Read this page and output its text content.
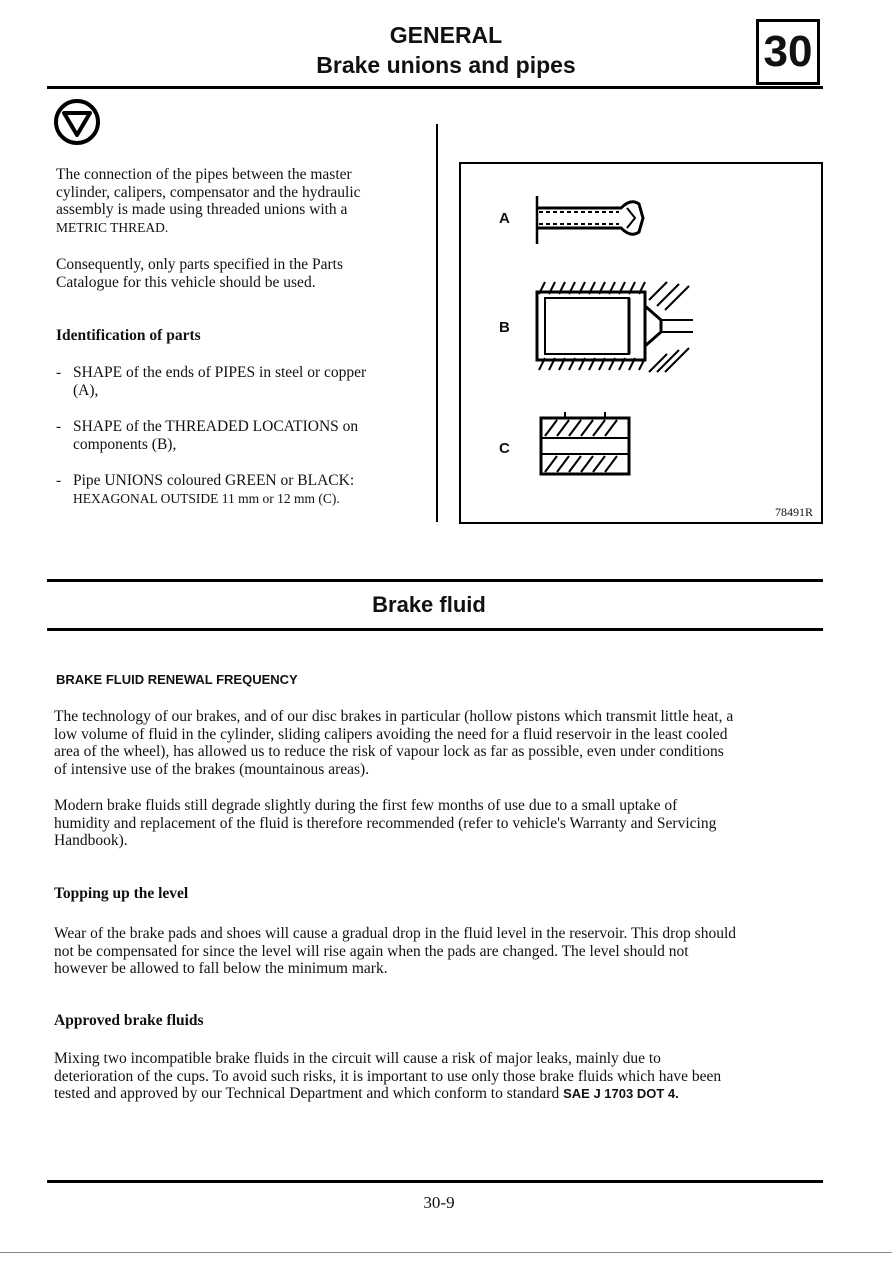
GENERAL
Brake unions and pipes	30
The connection of the pipes between the master
cylinder, calipers, compensator and the hydraulic
assembly is made using threaded unions with a
METRIC THREAD.
Consequently, only parts specified in the Parts
Catalogue for this vehicle should be used.
Identification of parts
- SHAPE of the ends of PIPES in steel or copper
(A),
- SHAPE of the THREADED LOCATIONS on
components (B),
- Pipe UNIONS coloured GREEN or BLACK:
HEXAGONAL OUTSIDE 11 mm or 12 mm (C).
A
B
C
78491R
Brake fluid
BRAKE FLUID RENEWAL FREQUENCY
The technology of our brakes, and of our disc brakes in particular (hollow pistons which transmit little heat, a
low volume of fluid in the cylinder, sliding calipers avoiding the need for a fluid reservoir in the least cooled
area of the wheel), has allowed us to reduce the risk of vapour lock as far as possible, even under conditions
of intensive use of the brakes (mountainous areas).
Modern brake fluids still degrade slightly during the first few months of use due to a small uptake of
humidity and replacement of the fluid is therefore recommended (refer to vehicle's Warranty and Servicing
Handbook).
Topping up the level
Wear of the brake pads and shoes will cause a gradual drop in the fluid level in the reservoir. This drop should
not be compensated for since the level will rise again when the pads are changed. The level should not
however be allowed to fall below the minimum mark.
Approved brake fluids
Mixing two incompatible brake fluids in the circuit will cause a risk of major leaks, mainly due to
deterioration of the cups. To avoid such risks, it is important to use only those brake fluids which have been
tested and approved by our Technical Department and which conform to standard SAE J 1703 DOT 4.
30-9
